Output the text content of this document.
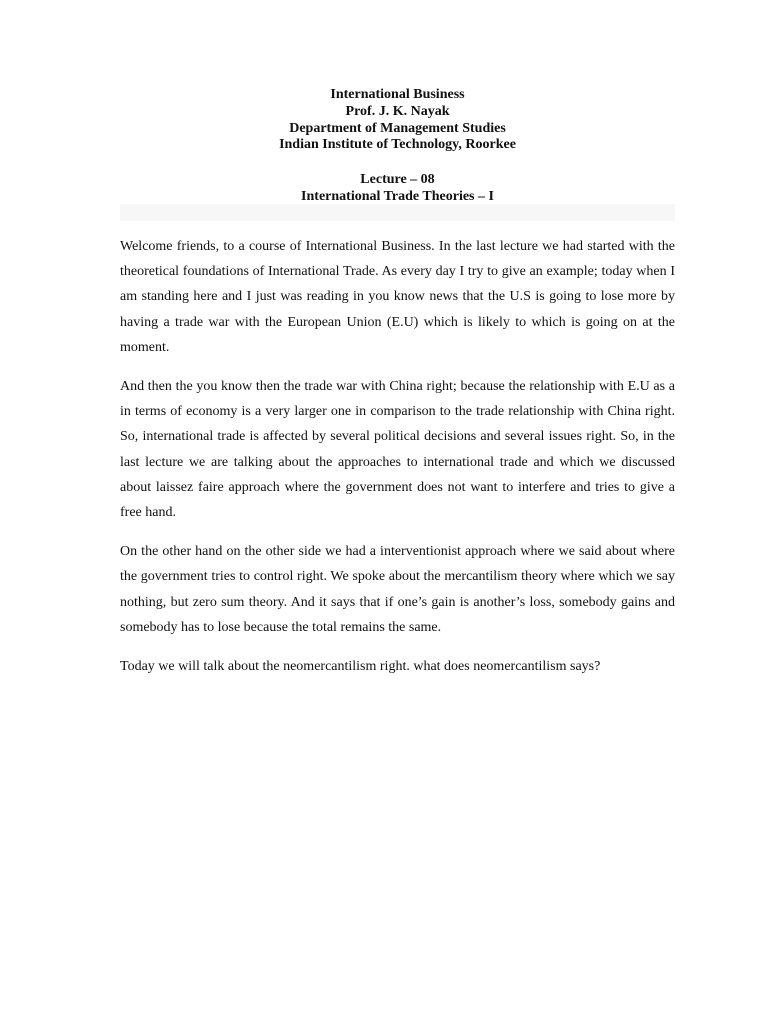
International Business
Prof. J. K. Nayak
Department of Management Studies
Indian Institute of Technology, Roorkee
Lecture – 08
International Trade Theories – I

Welcome friends, to a course of International Business. In the last lecture we had started with the theoretical foundations of International Trade. As every day I try to give an example; today when I am standing here and I just was reading in you know news that the U.S is going to lose more by having a trade war with the European Union (E.U) which is likely to which is going on at the moment.

And then the you know then the trade war with China right; because the relationship with E.U as a in terms of economy is a very larger one in comparison to the trade relationship with China right. So, international trade is affected by several political decisions and several issues right. So, in the last lecture we are talking about the approaches to international trade and which we discussed about laissez faire approach where the government does not want to interfere and tries to give a free hand.

On the other hand on the other side we had a interventionist approach where we said about where the government tries to control right. We spoke about the mercantilism theory where which we say nothing, but zero sum theory. And it says that if one’s gain is another’s loss, somebody gains and somebody has to lose because the total remains the same.

Today we will talk about the neomercantilism right. what does neomercantilism says?
